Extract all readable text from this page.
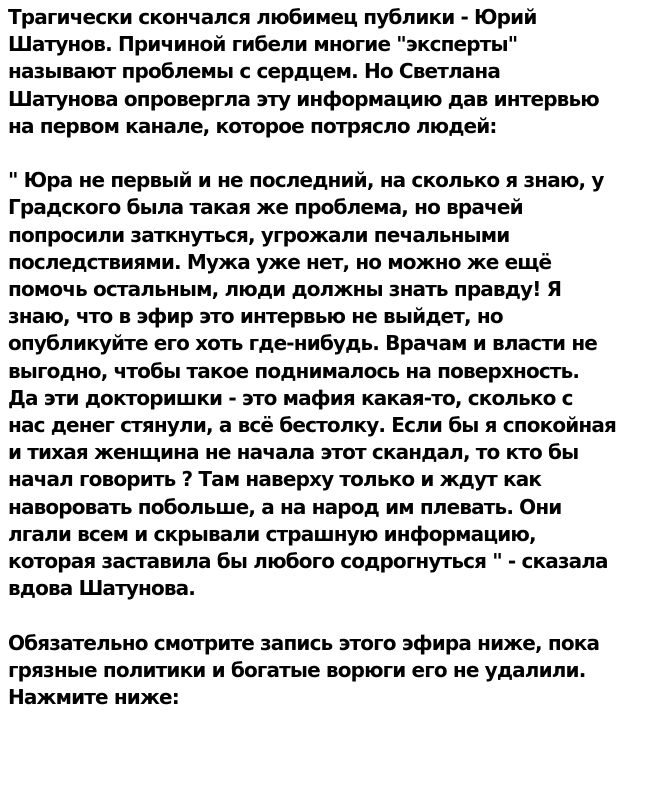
Трагически скончался любимец публики - Юрий
Шатунов. Причиной гибели многие "эксперты"
называют проблемы с сердцем. Но Светлана
Шатунова опровергла эту информацию дав интервью
на первом канале, которое потрясло людей:
" Юра не первый и не последний, на сколько я знаю, у
Градского была такая же проблема, но врачей
попросили заткнуться, угрожали печальными
последствиями. Мужа уже нет, но можно же ещё
помочь остальным, люди должны знать правду! Я
знаю, что в эфир это интервью не выйдет, но
опубликуйте его хоть где-нибудь. Врачам и власти не
выгодно, чтобы такое поднималось на поверхность.
Да эти докторишки - это мафия какая-то, сколько с
нас денег стянули, а всё бестолку. Если бы я спокойная
и тихая женщина не начала этот скандал, то кто бы
начал говорить ? Там наверху только и ждут как
наворовать побольше, а на народ им плевать. Они
лгали всем и скрывали страшную информацию,
которая заставила бы любого содрогнуться " - сказала
вдова Шатунова.
Обязательно смотрите запись этого эфира ниже, пока
грязные политики и богатые ворюги его не удалили.
Нажмите ниже:
